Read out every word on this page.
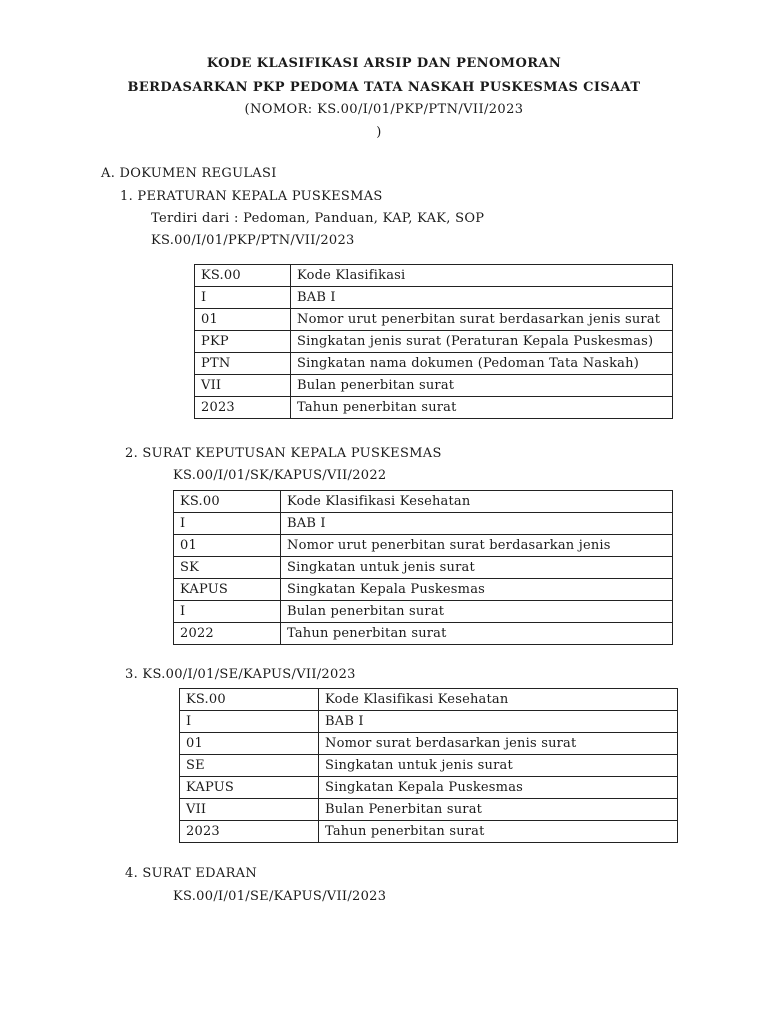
KODE KLASIFIKASI ARSIP DAN PENOMORAN
BERDASARKAN PKP PEDOMA TATA NASKAH PUSKESMAS CISAAT
(NOMOR: KS.00/I/01/PKP/PTN/VII/2023
)
A. DOKUMEN REGULASI
1. PERATURAN KEPALA PUSKESMAS
Terdiri dari : Pedoman, Panduan, KAP, KAK, SOP
KS.00/I/01/PKP/PTN/VII/2023
KS.00	Kode Klasifikasi
I	BAB I
01	Nomor urut penerbitan surat berdasarkan jenis surat
PKP	Singkatan jenis surat (Peraturan Kepala Puskesmas)
PTN	Singkatan nama dokumen (Pedoman Tata Naskah)
VII	Bulan penerbitan surat
2023	Tahun penerbitan surat
2. SURAT KEPUTUSAN KEPALA PUSKESMAS
KS.00/I/01/SK/KAPUS/VII/2022
KS.00	Kode Klasifikasi Kesehatan
I	BAB I
01	Nomor urut penerbitan surat berdasarkan jenis
SK	Singkatan untuk jenis surat
KAPUS	Singkatan Kepala Puskesmas
I	Bulan penerbitan surat
2022	Tahun penerbitan surat
3. KS.00/I/01/SE/KAPUS/VII/2023
KS.00	Kode Klasifikasi Kesehatan
I	BAB I
01	Nomor surat berdasarkan jenis surat
SE	Singkatan untuk jenis surat
KAPUS	Singkatan Kepala Puskesmas
VII	Bulan Penerbitan surat
2023	Tahun penerbitan surat
4. SURAT EDARAN
KS.00/I/01/SE/KAPUS/VII/2023
